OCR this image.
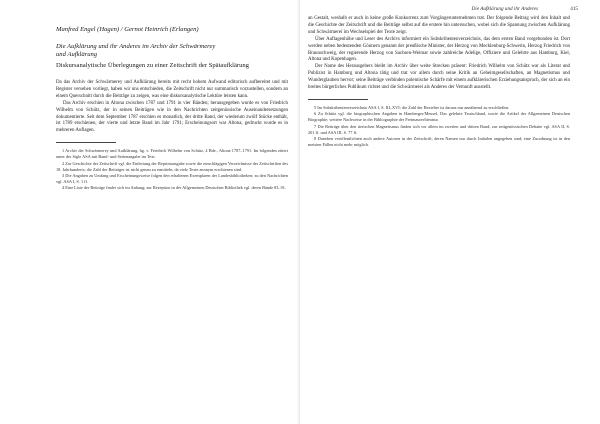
Manfred Engel (Hagen) / Gernot Heinrich (Erlangen)
Die Aufklärung und ihr Anderes im Archiv der Schwärmerey
und Aufklärung
Diskursanalytische Überlegungen zu einer Zeitschrift der Spätaufklärung

Da das Archiv der Schwärmerey und Aufklärung bereits mit recht hohem Aufwand editorisch aufbereitet und mit Register versehen vorliegt, haben wir uns entschieden, die Zeitschrift nicht nur summarisch vorzustellen, sondern an einem Querschnitt durch die Beiträge zu zeigen, was eine diskursanalytische Lektüre leisten kann.

Das Archiv erschien in Altona zwischen 1787 und 1791 in vier Bänden; herausgegeben wurde es von Friedrich Wilhelm von Schütz, der in seinen Beiträgen wie in den Nachrichten zeitgenössische Auseinandersetzungen dokumentierte. Seit dem September 1787 erschien es monatlich, der dritte Band, der wiederum zwölf Stücke enthält, ist 1789 erschienen, der vierte und letzte Band im Jahr 1791; Erscheinungsort war Altona, gedruckt wurde es in mehreren Auflagen.

1 Archiv der Schwärmerey und Aufklärung, hg. v. Friedrich Wilhelm von Schütz, 4 Bde., Altona 1787–1791. Im folgenden zitiert unter der Sigle ASA mit Band- und Seitenangabe im Text.

2 Zur Geschichte der Zeitschrift vgl. die Einleitung der Reprintausgabe sowie die einschlägigen Verzeichnisse der Zeitschriften des 18. Jahrhunderts; die Zahl der Beiträger ist nicht genau zu ermitteln, da viele Texte anonym erschienen sind.

3 Die Angaben zu Umfang und Erscheinungsweise folgen den erhaltenen Exemplaren der Landesbibliotheken; zu den Nachrichten vgl. ASA I, S. 1 ff.

4 Eine Liste der Beiträge findet sich im Anhang; zur Rezeption in der Allgemeinen Deutschen Bibliothek vgl. deren Bände 83–91.

Die Aufklärung und ihr Anderes	415

an Gestalt, weshalb er auch in keine große Konkurrenz zum Vorgängerunternehmen trat. Der folgende Beitrag wird den Inhalt und die Geschichte der Zeitschrift und die Beiträge selbst auf die erstere hin untersuchen, wobei sich die Spannung zwischen Aufklärung und Schwärmerei im Wechselspiel der Texte zeigt.

Über Auflagenhöhe und Leser des Archivs informiert ein Subskribentenverzeichnis, das dem ersten Band vorgebunden ist. Dort werden neben bedeutenden Gönnern genannt der preußische Minister, der Herzog von Mecklenburg-Schwerin, Herzog Friedrich von Braunschweig, der regierende Herzog von Sachsen-Weimar sowie zahlreiche Adelige, Offiziere und Gelehrte aus Hamburg, Kiel, Altona und Kopenhagen.

Der Name des Herausgebers bleibt im Archiv über weite Strecken präsent: Friedrich Wilhelm von Schütz war als Literat und Publizist in Hamburg und Altona tätig und trat vor allem durch seine Kritik an Geheimgesellschaften, an Magnetismus und Wunderglauben hervor; seine Beiträge verbinden polemische Schärfe mit einem aufklärerischen Erziehungsanspruch, der sich an ein breites bürgerliches Publikum richtet und die Schwärmerei als Anderes der Vernunft ausstellt.

5 Im Subskribentenverzeichnis ASA I, S. III–XVI; die Zahl der Bezieher ist daraus nur annähernd zu erschließen.

6 Zu Schütz vgl. die biographischen Angaben in Hamberger/Meusel, Das gelehrte Teutschland, sowie die Artikel der Allgemeinen Deutschen Biographie; weitere Nachweise in der Bibliographie der Freimaurerliteratur.

7 Die Beiträge über den tierischen Magnetismus finden sich vor allem im zweiten und dritten Band; zur zeitgenössischen Debatte vgl. ASA II, S. 201 ff. und ASA III, S. 77 ff.

8 Daneben veröffentlichten auch andere Autoren in der Zeitschrift, deren Namen nur durch Initialen angegeben sind; eine Zuordnung ist in den meisten Fällen nicht mehr möglich.
